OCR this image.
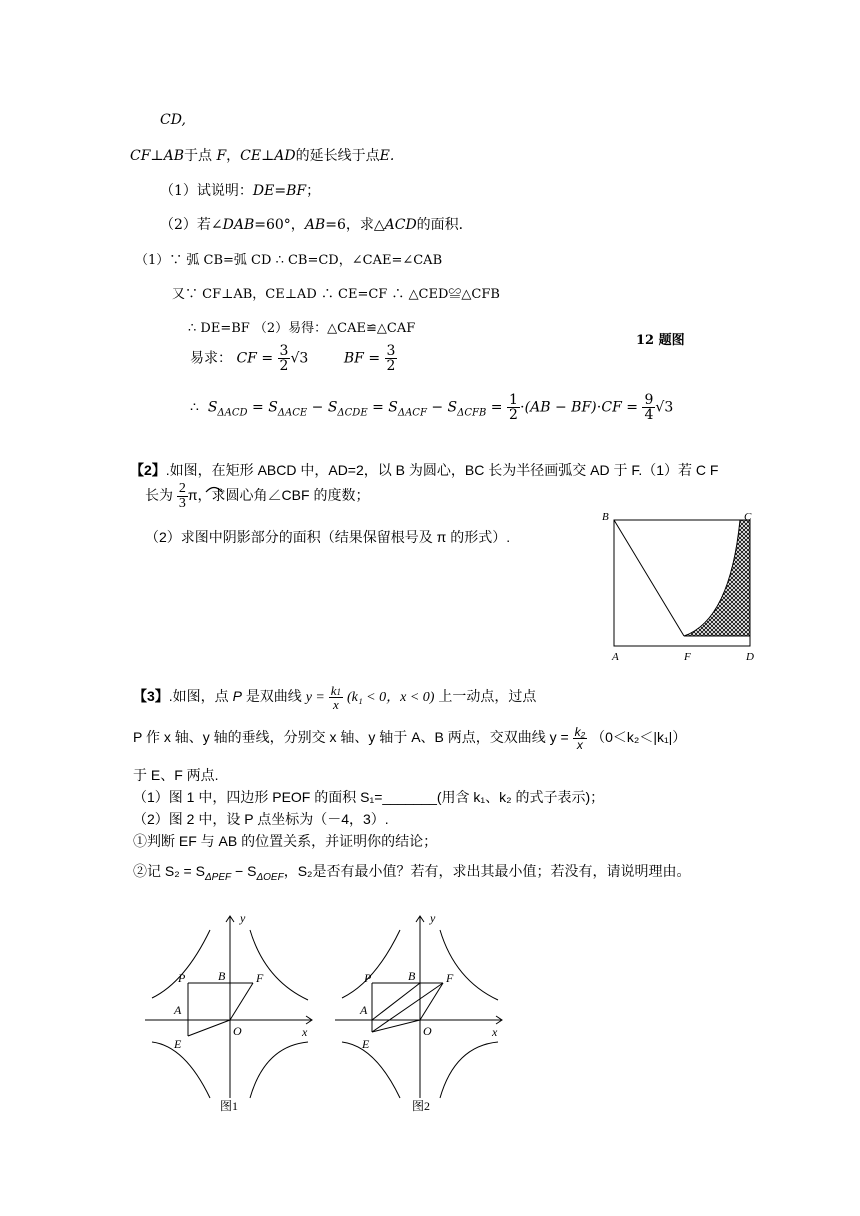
CD,
CF⊥AB于点 F，CE⊥AD的延长线于点E.
（1）试说明：DE=BF；
（2）若∠DAB=60°，AB=6，求△ACD的面积．
（1）∵ 弧 CB=弧 CD ∴ CB=CD，∠CAE=∠CAB
又∵ CF⊥AB，CE⊥AD ∴ CE=CF ∴ △CED≌△CFB
∴ DE=BF （2）易得：△CAE≌△CAF
12 题图
易求： CF = $\frac{3}{2} √3$	BF = $\frac{3}{2}$
∴ $S_{\Delta ACD} = S_{\Delta ACE} - S_{\Delta CDE} = S_{\Delta ACF} - S_{\Delta CFB} = \frac{1}{2} \cdot(AB - BF)\cdot CF = \frac{9}{4} √3$
【2】.如图，在矩形 ABCD 中，AD=2，以 B 为圆心，BC 长为半径画弧交 AD 于 F.（1）若 C F
长为 $\frac{2}{3}$ π，求圆心角∠CBF 的度数；
（2）求图中阴影部分的面积（结果保留根号及 π 的形式）.
B	C
A	F	D
【3】.如图，点 P 是双曲线 $y = \frac{k1}{x} (k_1 < 0$，x < 0) 上一动点，过点
P 作 x 轴、y 轴的垂线，分别交 x 轴、y 轴于 A、B 两点，交双曲线 $y = \frac{\text{k₂}}{x} (0<k_2<|k_1|)$
于 E、F 两点.
（1）图 1 中，四边形 PEOF 的面积 S₁=_______(用含 k₁、k₂ 的式子表示)；
（2）图 2 中，设 P 点坐标为（－4，3）.
①判断 EF 与 AB 的位置关系，并证明你的结论；
②记 $S_2 = S_{\Delta PEF} - S_{\Delta OEF}$，S₂是否有最小值？若有，求出其最小值；若没有，请说明理由。
y
x
O
P	B	F
A
E
图1
y
x
O
P	B	F
A
E
图2
